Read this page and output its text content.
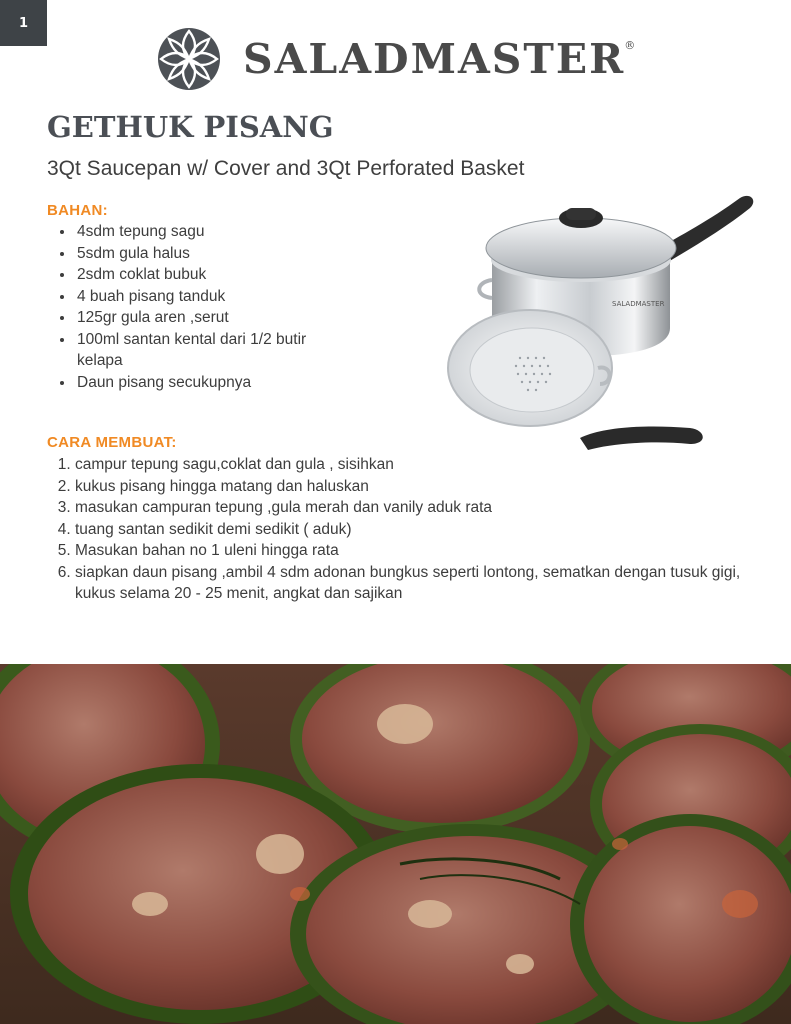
1
SALADMASTER ®
GETHUK PISANG
3Qt Saucepan w/ Cover and 3Qt Perforated Basket
BAHAN:
• 4sdm tepung sagu
• 5sdm gula halus
• 2sdm coklat bubuk
• 4 buah pisang tanduk
• 125gr gula aren ,serut
• 100ml santan kental dari 1/2 butir kelapa
• Daun pisang secukupnya
SALADMASTER
CARA MEMBUAT:
1. campur tepung sagu,coklat dan gula , sisihkan
2. kukus pisang hingga matang dan haluskan
3. masukan campuran tepung ,gula merah dan vanily aduk rata
4. tuang santan sedikit demi sedikit ( aduk)
5. Masukan bahan no 1 uleni hingga rata
6. siapkan daun pisang ,ambil 4 sdm adonan bungkus seperti lontong, sematkan dengan tusuk gigi, kukus selama 20 - 25 menit, angkat dan sajikan
